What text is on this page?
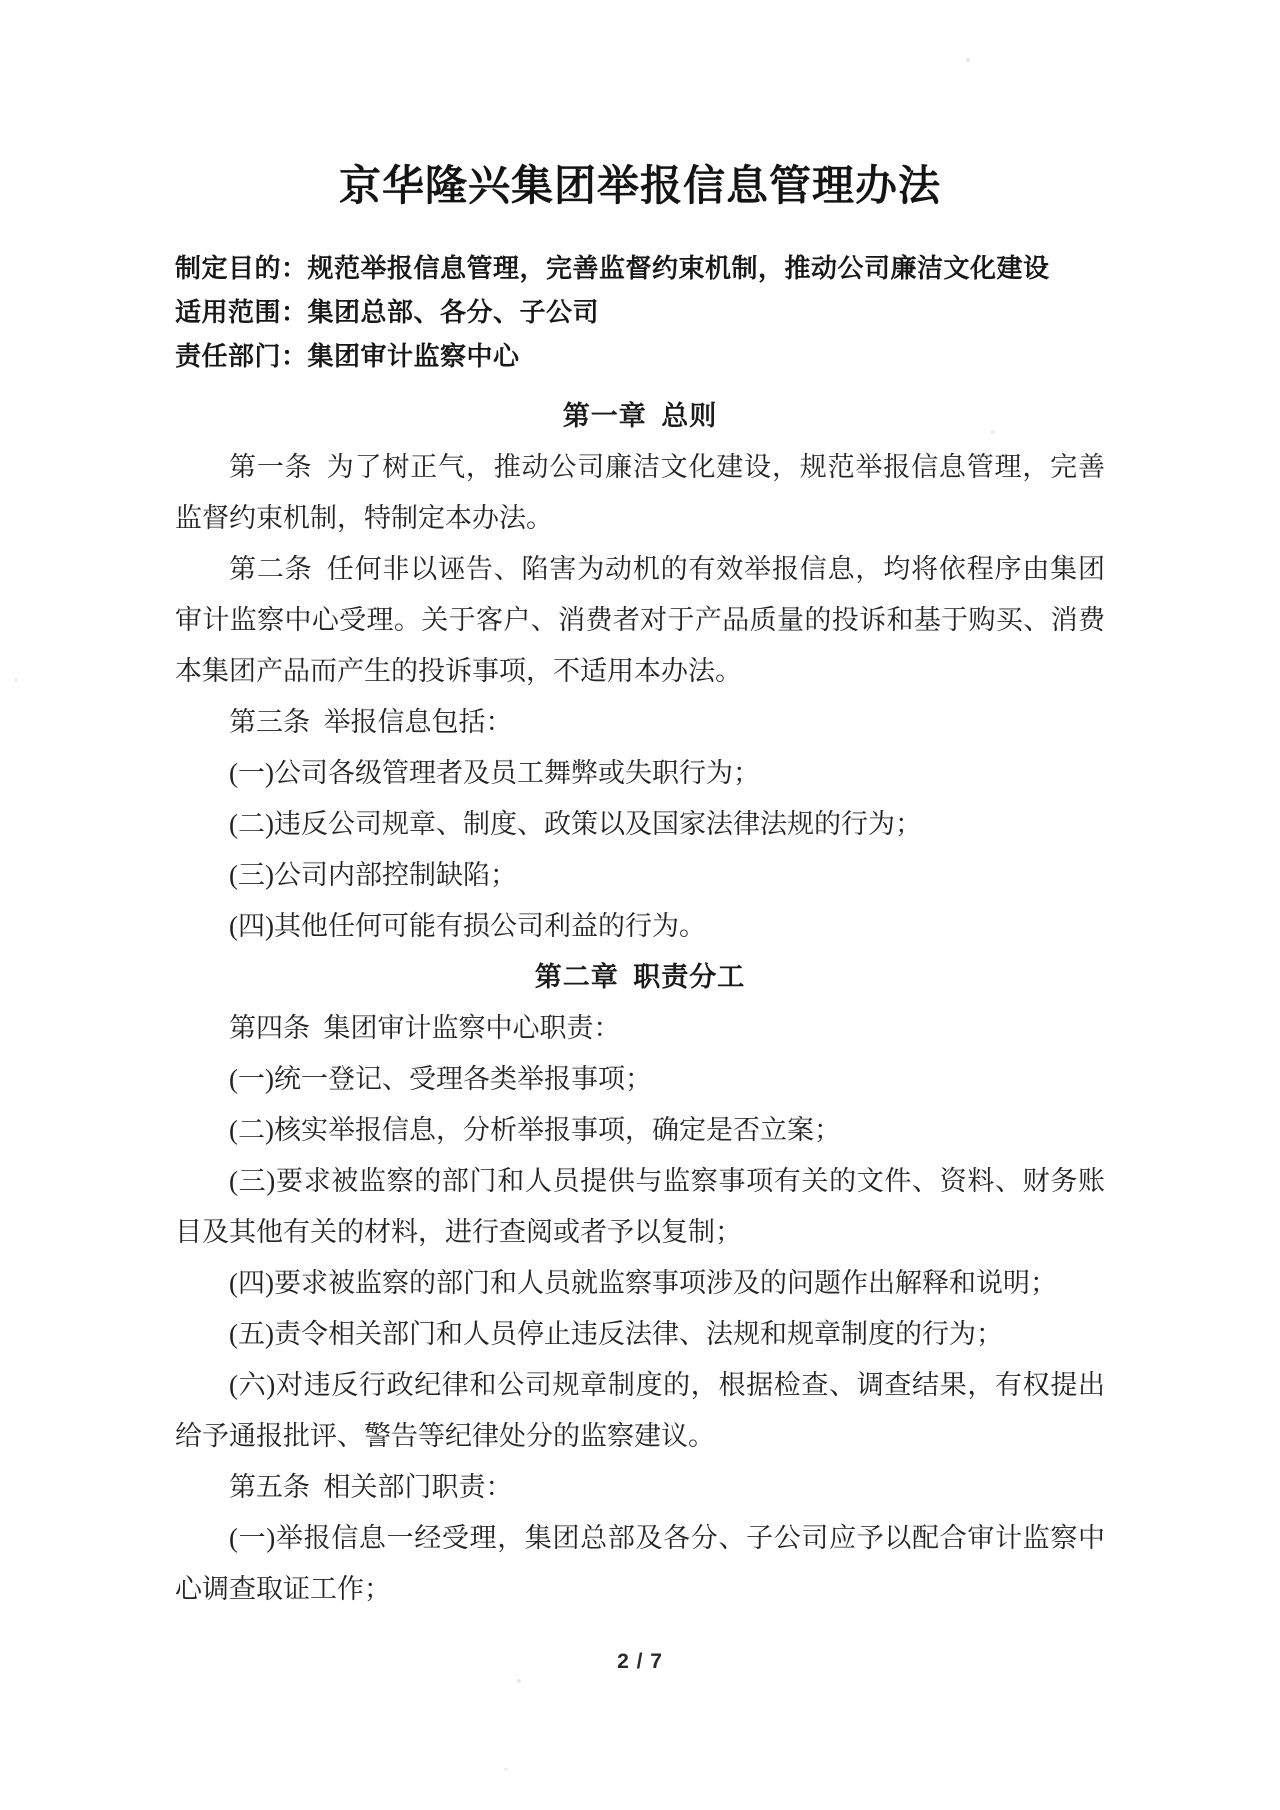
京华隆兴集团举报信息管理办法

制定目的：规范举报信息管理，完善监督约束机制，推动公司廉洁文化建设

适用范围：集团总部、各分、子公司

责任部门：集团审计监察中心

第一章 总则

第一条 为了树正气，推动公司廉洁文化建设，规范举报信息管理，完善监督约束机制，特制定本办法。

第二条 任何非以诬告、陷害为动机的有效举报信息，均将依程序由集团审计监察中心受理。关于客户、消费者对于产品质量的投诉和基于购买、消费本集团产品而产生的投诉事项，不适用本办法。

第三条 举报信息包括：

(一)公司各级管理者及员工舞弊或失职行为；

(二)违反公司规章、制度、政策以及国家法律法规的行为；

(三)公司内部控制缺陷；

(四)其他任何可能有损公司利益的行为。

第二章 职责分工

第四条 集团审计监察中心职责：

(一)统一登记、受理各类举报事项；

(二)核实举报信息，分析举报事项，确定是否立案；

(三)要求被监察的部门和人员提供与监察事项有关的文件、资料、财务账目及其他有关的材料，进行查阅或者予以复制；

(四)要求被监察的部门和人员就监察事项涉及的问题作出解释和说明；

(五)责令相关部门和人员停止违反法律、法规和规章制度的行为；

(六)对违反行政纪律和公司规章制度的，根据检查、调查结果，有权提出给予通报批评、警告等纪律处分的监察建议。

第五条 相关部门职责：

(一)举报信息一经受理，集团总部及各分、子公司应予以配合审计监察中心调查取证工作；

2 / 7
